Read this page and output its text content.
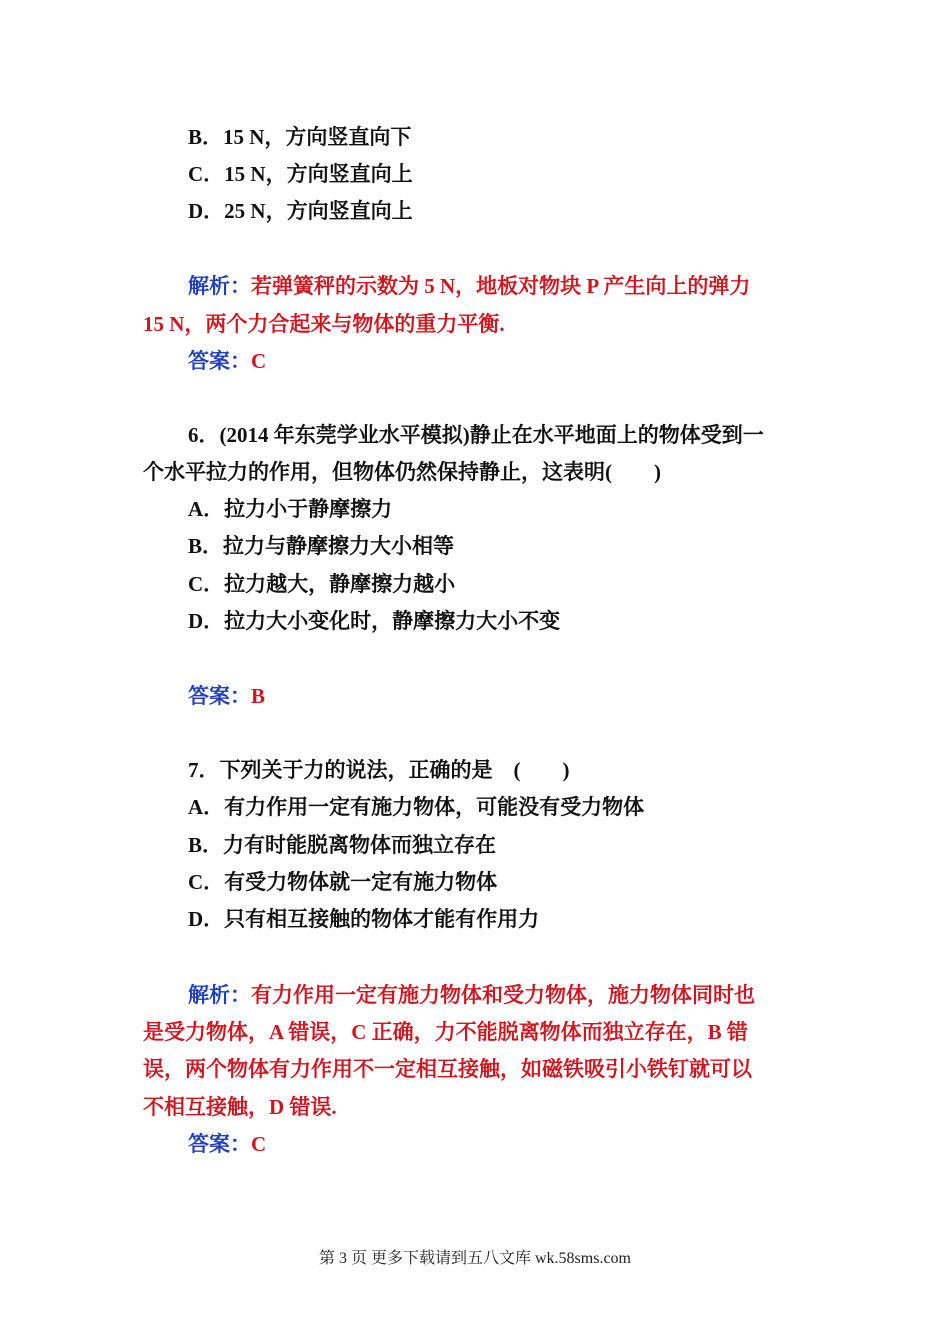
B．15 N，方向竖直向下
C．15 N，方向竖直向上
D．25 N，方向竖直向上
解析：若弹簧秤的示数为 5 N，地板对物块 P 产生向上的弹力
15 N，两个力合起来与物体的重力平衡.
答案：C
6．(2014 年东莞学业水平模拟)静止在水平地面上的物体受到一
个水平拉力的作用，但物体仍然保持静止，这表明(　　)
A．拉力小于静摩擦力
B．拉力与静摩擦力大小相等
C．拉力越大，静摩擦力越小
D．拉力大小变化时，静摩擦力大小不变
答案：B
7．下列关于力的说法，正确的是　(　　)
A．有力作用一定有施力物体，可能没有受力物体
B．力有时能脱离物体而独立存在
C．有受力物体就一定有施力物体
D．只有相互接触的物体才能有作用力
解析：有力作用一定有施力物体和受力物体，施力物体同时也
是受力物体，A 错误，C 正确，力不能脱离物体而独立存在，B 错
误，两个物体有力作用不一定相互接触，如磁铁吸引小铁钉就可以
不相互接触，D 错误.
答案：C
第 3 页 更多下载请到五八文库 wk.58sms.com
